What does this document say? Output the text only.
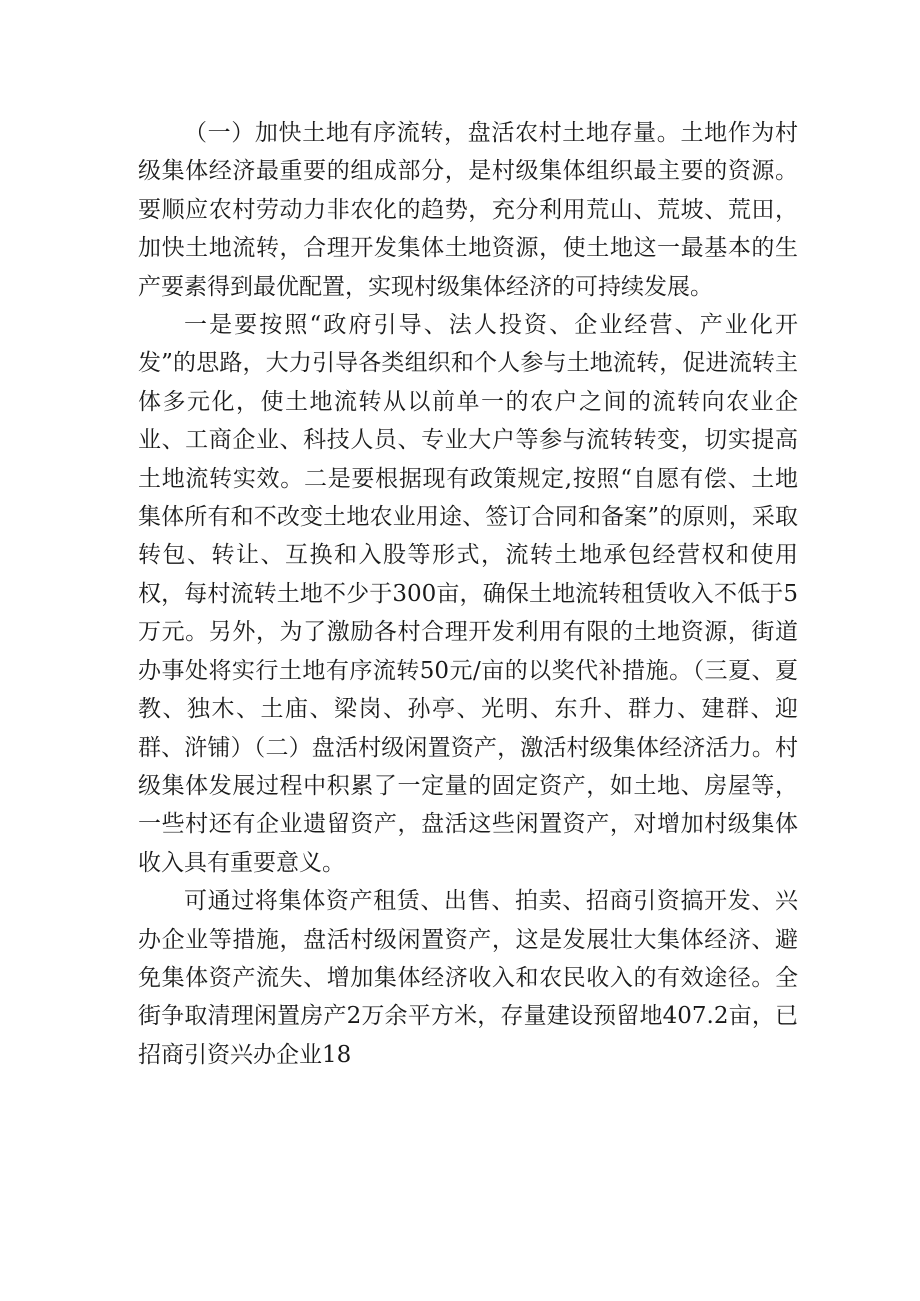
（一）加快土地有序流转，盘活农村土地存量。土地作为村级集体经济最重要的组成部分，是村级集体组织最主要的资源。要顺应农村劳动力非农化的趋势，充分利用荒山、荒坡、荒田，加快土地流转，合理开发集体土地资源，使土地这一最基本的生产要素得到最优配置，实现村级集体经济的可持续发展。

一是要按照“政府引导、法人投资、企业经营、产业化开发”的思路，大力引导各类组织和个人参与土地流转，促进流转主体多元化，使土地流转从以前单一的农户之间的流转向农业企业、工商企业、科技人员、专业大户等参与流转转变，切实提高土地流转实效。二是要根据现有政策规定,按照“自愿有偿、土地集体所有和不改变土地农业用途、签订合同和备案”的原则，采取转包、转让、互换和入股等形式，流转土地承包经营权和使用权，每村流转土地不少于300亩，确保土地流转租赁收入不低于5万元。另外，为了激励各村合理开发利用有限的土地资源，街道办事处将实行土地有序流转50元/亩的以奖代补措施。（三夏、夏教、独木、土庙、梁岗、孙亭、光明、东升、群力、建群、迎群、浒铺）（二）盘活村级闲置资产，激活村级集体经济活力。村级集体发展过程中积累了一定量的固定资产，如土地、房屋等，一些村还有企业遗留资产，盘活这些闲置资产，对增加村级集体收入具有重要意义。

可通过将集体资产租赁、出售、拍卖、招商引资搞开发、兴办企业等措施，盘活村级闲置资产，这是发展壮大集体经济、避免集体资产流失、增加集体经济收入和农民收入的有效途径。全街争取清理闲置房产2万余平方米，存量建设预留地407.2亩，已招商引资兴办企业18
